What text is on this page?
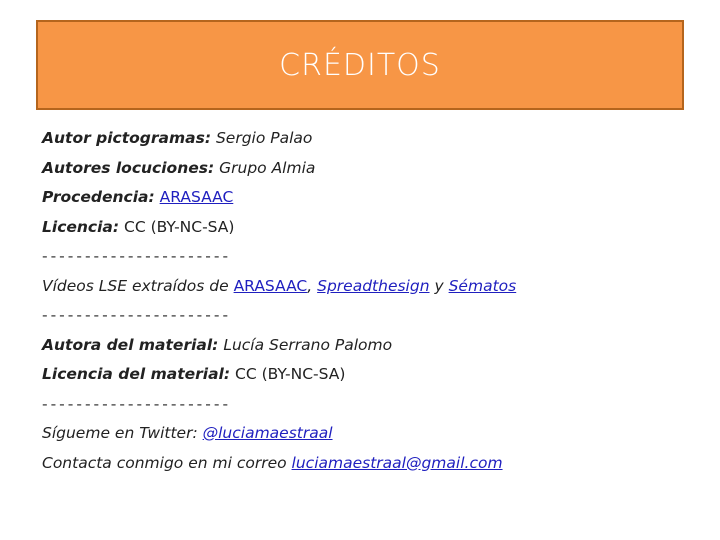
CRÉDITOS
Autor pictogramas: Sergio Palao
Autores locuciones: Grupo Almia
Procedencia: ARASAAC
Licencia: CC (BY-NC-SA)
----------------------
Vídeos LSE extraídos de ARASAAC, Spreadthesign y Sématos
----------------------
Autora del material: Lucía Serrano Palomo
Licencia del material: CC (BY-NC-SA)
----------------------
Sígueme en Twitter: @luciamaestraal
Contacta conmigo en mi correo luciamaestraal@gmail.com
